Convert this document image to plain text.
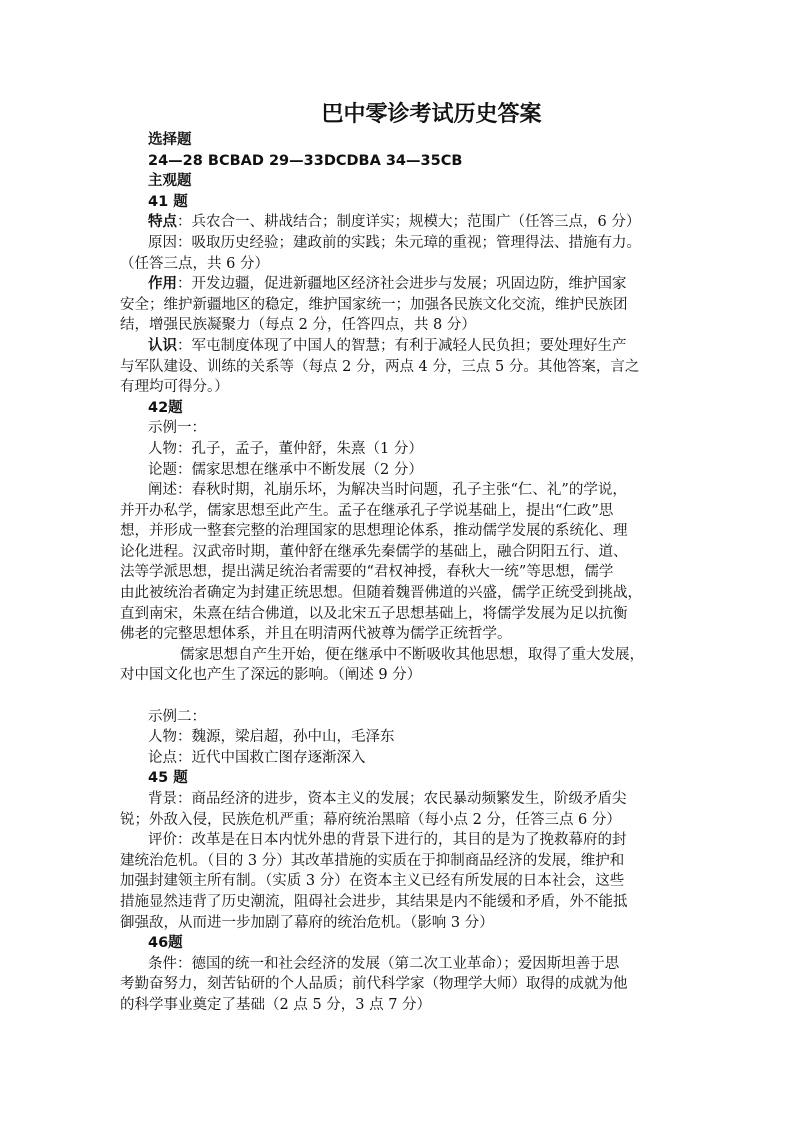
巴中零诊考试历史答案
选择题
24—28 BCBAD 29—33DCDBA 34—35CB
主观题
41 题
特点：兵农合一、耕战结合；制度详实；规模大；范围广（任答三点，6 分）
原因：吸取历史经验；建政前的实践；朱元璋的重视；管理得法、措施有力。
（任答三点，共 6 分）
作用：开发边疆，促进新疆地区经济社会进步与发展；巩固边防，维护国家
安全；维护新疆地区的稳定，维护国家统一；加强各民族文化交流，维护民族团
结，增强民族凝聚力（每点 2 分，任答四点，共 8 分）
认识：军屯制度体现了中国人的智慧；有利于减轻人民负担；要处理好生产
与军队建设、训练的关系等（每点 2 分，两点 4 分，三点 5 分。其他答案，言之
有理均可得分。）
42题
示例一：
人物：孔子，孟子，董仲舒，朱熹（1 分）
论题：儒家思想在继承中不断发展（2 分）
阐述：春秋时期，礼崩乐坏，为解决当时问题，孔子主张“仁、礼”的学说，
并开办私学，儒家思想至此产生。孟子在继承孔子学说基础上，提出“仁政”思
想，并形成一整套完整的治理国家的思想理论体系，推动儒学发展的系统化、理
论化进程。汉武帝时期，董仲舒在继承先秦儒学的基础上，融合阴阳五行、道、
法等学派思想，提出满足统治者需要的“君权神授，春秋大一统”等思想，儒学
由此被统治者确定为封建正统思想。但随着魏晋佛道的兴盛，儒学正统受到挑战，
直到南宋，朱熹在结合佛道，以及北宋五子思想基础上，将儒学发展为足以抗衡
佛老的完整思想体系，并且在明清两代被尊为儒学正统哲学。
儒家思想自产生开始，便在继承中不断吸收其他思想，取得了重大发展，
对中国文化也产生了深远的影响。（阐述 9 分）
示例二：
人物：魏源，梁启超，孙中山，毛泽东
论点：近代中国救亡图存逐渐深入
45 题
背景：商品经济的进步，资本主义的发展；农民暴动频繁发生，阶级矛盾尖
锐；外敌入侵，民族危机严重；幕府统治黑暗（每小点 2 分，任答三点 6 分）
评价：改革是在日本内忧外患的背景下进行的，其目的是为了挽救幕府的封
建统治危机。（目的 3 分）其改革措施的实质在于抑制商品经济的发展，维护和
加强封建领主所有制。（实质 3 分）在资本主义已经有所发展的日本社会，这些
措施显然违背了历史潮流，阻碍社会进步，其结果是内不能缓和矛盾，外不能抵
御强敌，从而进一步加剧了幕府的统治危机。（影响 3 分）
46题
条件：德国的统一和社会经济的发展（第二次工业革命）；爱因斯坦善于思
考勤奋努力，刻苦钻研的个人品质；前代科学家（物理学大师）取得的成就为他
的科学事业奠定了基础（2 点 5 分，3 点 7 分）
